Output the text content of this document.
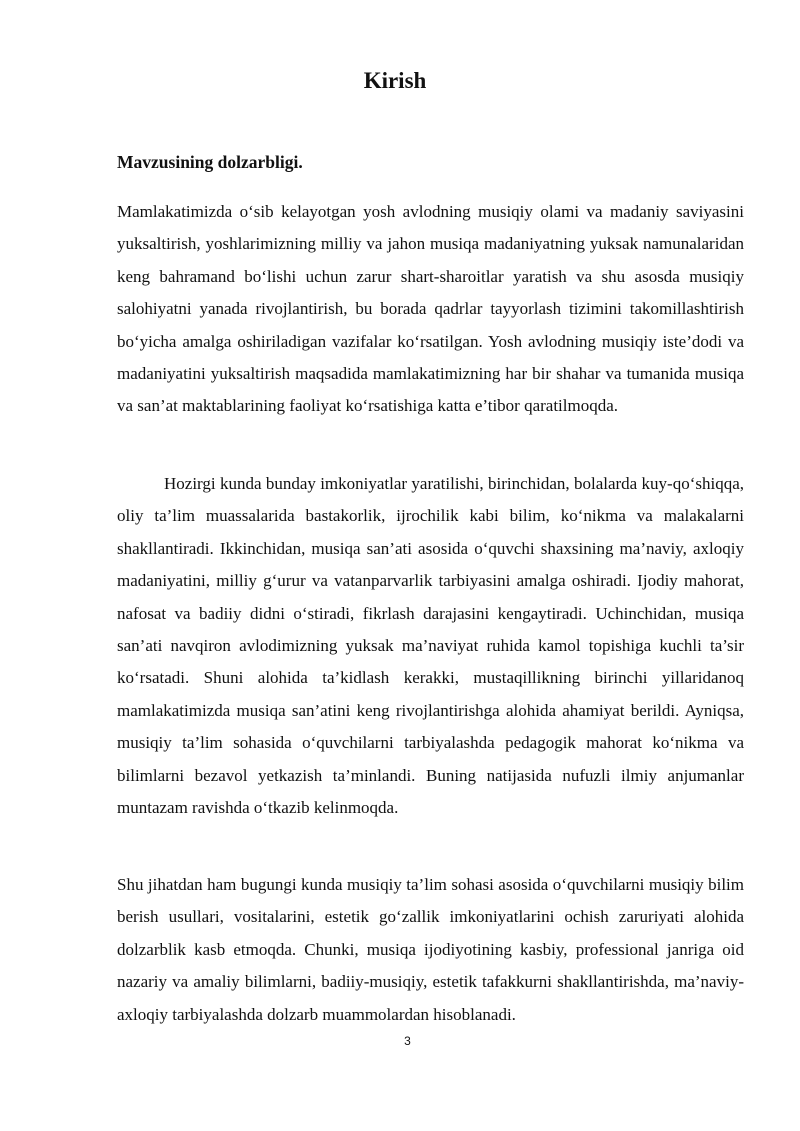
Kirish
Mavzusining dolzarbligi.

Mamlakatimizda o‘sib kelayotgan yosh avlodning musiqiy olami va madaniy saviyasini yuksaltirish, yoshlarimizning milliy va jahon musiqa madaniyatning yuksak namunalaridan keng bahramand bo‘lishi uchun zarur shart-sharoitlar yaratish va shu asosda musiqiy salohiyatni yanada rivojlantirish, bu borada qadrlar tayyorlash tizimini takomillashtirish bo‘yicha amalga oshiriladigan vazifalar ko‘rsatilgan. Yosh avlodning musiqiy iste’dodi va madaniyatini yuksaltirish maqsadida mamlakatimizning har bir shahar va tumanida musiqa va san’at maktablarining faoliyat ko‘rsatishiga katta e’tibor qaratilmoqda.

Hozirgi kunda bunday imkoniyatlar yaratilishi, birinchidan, bolalarda kuy-qo‘shiqqa, oliy ta’lim muassalarida bastakorlik, ijrochilik kabi bilim, ko‘nikma va malakalarni shakllantiradi. Ikkinchidan, musiqa san’ati asosida o‘quvchi shaxsining ma’naviy, axloqiy madaniyatini, milliy g‘urur va vatanparvarlik tarbiyasini amalga oshiradi. Ijodiy mahorat, nafosat va badiiy didni o‘stiradi, fikrlash darajasini kengaytiradi. Uchinchidan, musiqa san’ati navqiron avlodimizning yuksak ma’naviyat ruhida kamol topishiga kuchli ta’sir ko‘rsatadi. Shuni alohida ta’kidlash kerakki, mustaqillikning birinchi yillaridanoq mamlakatimizda musiqa san’atini keng rivojlantirishga alohida ahamiyat berildi. Ayniqsa, musiqiy ta’lim sohasida o‘quvchilarni tarbiyalashda pedagogik mahorat ko‘nikma va bilimlarni bezavol yetkazish ta’minlandi. Buning natijasida nufuzli ilmiy anjumanlar muntazam ravishda o‘tkazib kelinmoqda.

Shu jihatdan ham bugungi kunda musiqiy ta’lim sohasi asosida o‘quvchilarni musiqiy bilim berish usullari, vositalarini, estetik go‘zallik imkoniyatlarini ochish zaruriyati alohida dolzarblik kasb etmoqda. Chunki, musiqa ijodiyotining kasbiy, professional janriga oid nazariy va amaliy bilimlarni, badiiy-musiqiy, estetik tafakkurni shakllantirishda, ma’naviy-axloqiy tarbiyalashda dolzarb muammolardan hisoblanadi.

3
